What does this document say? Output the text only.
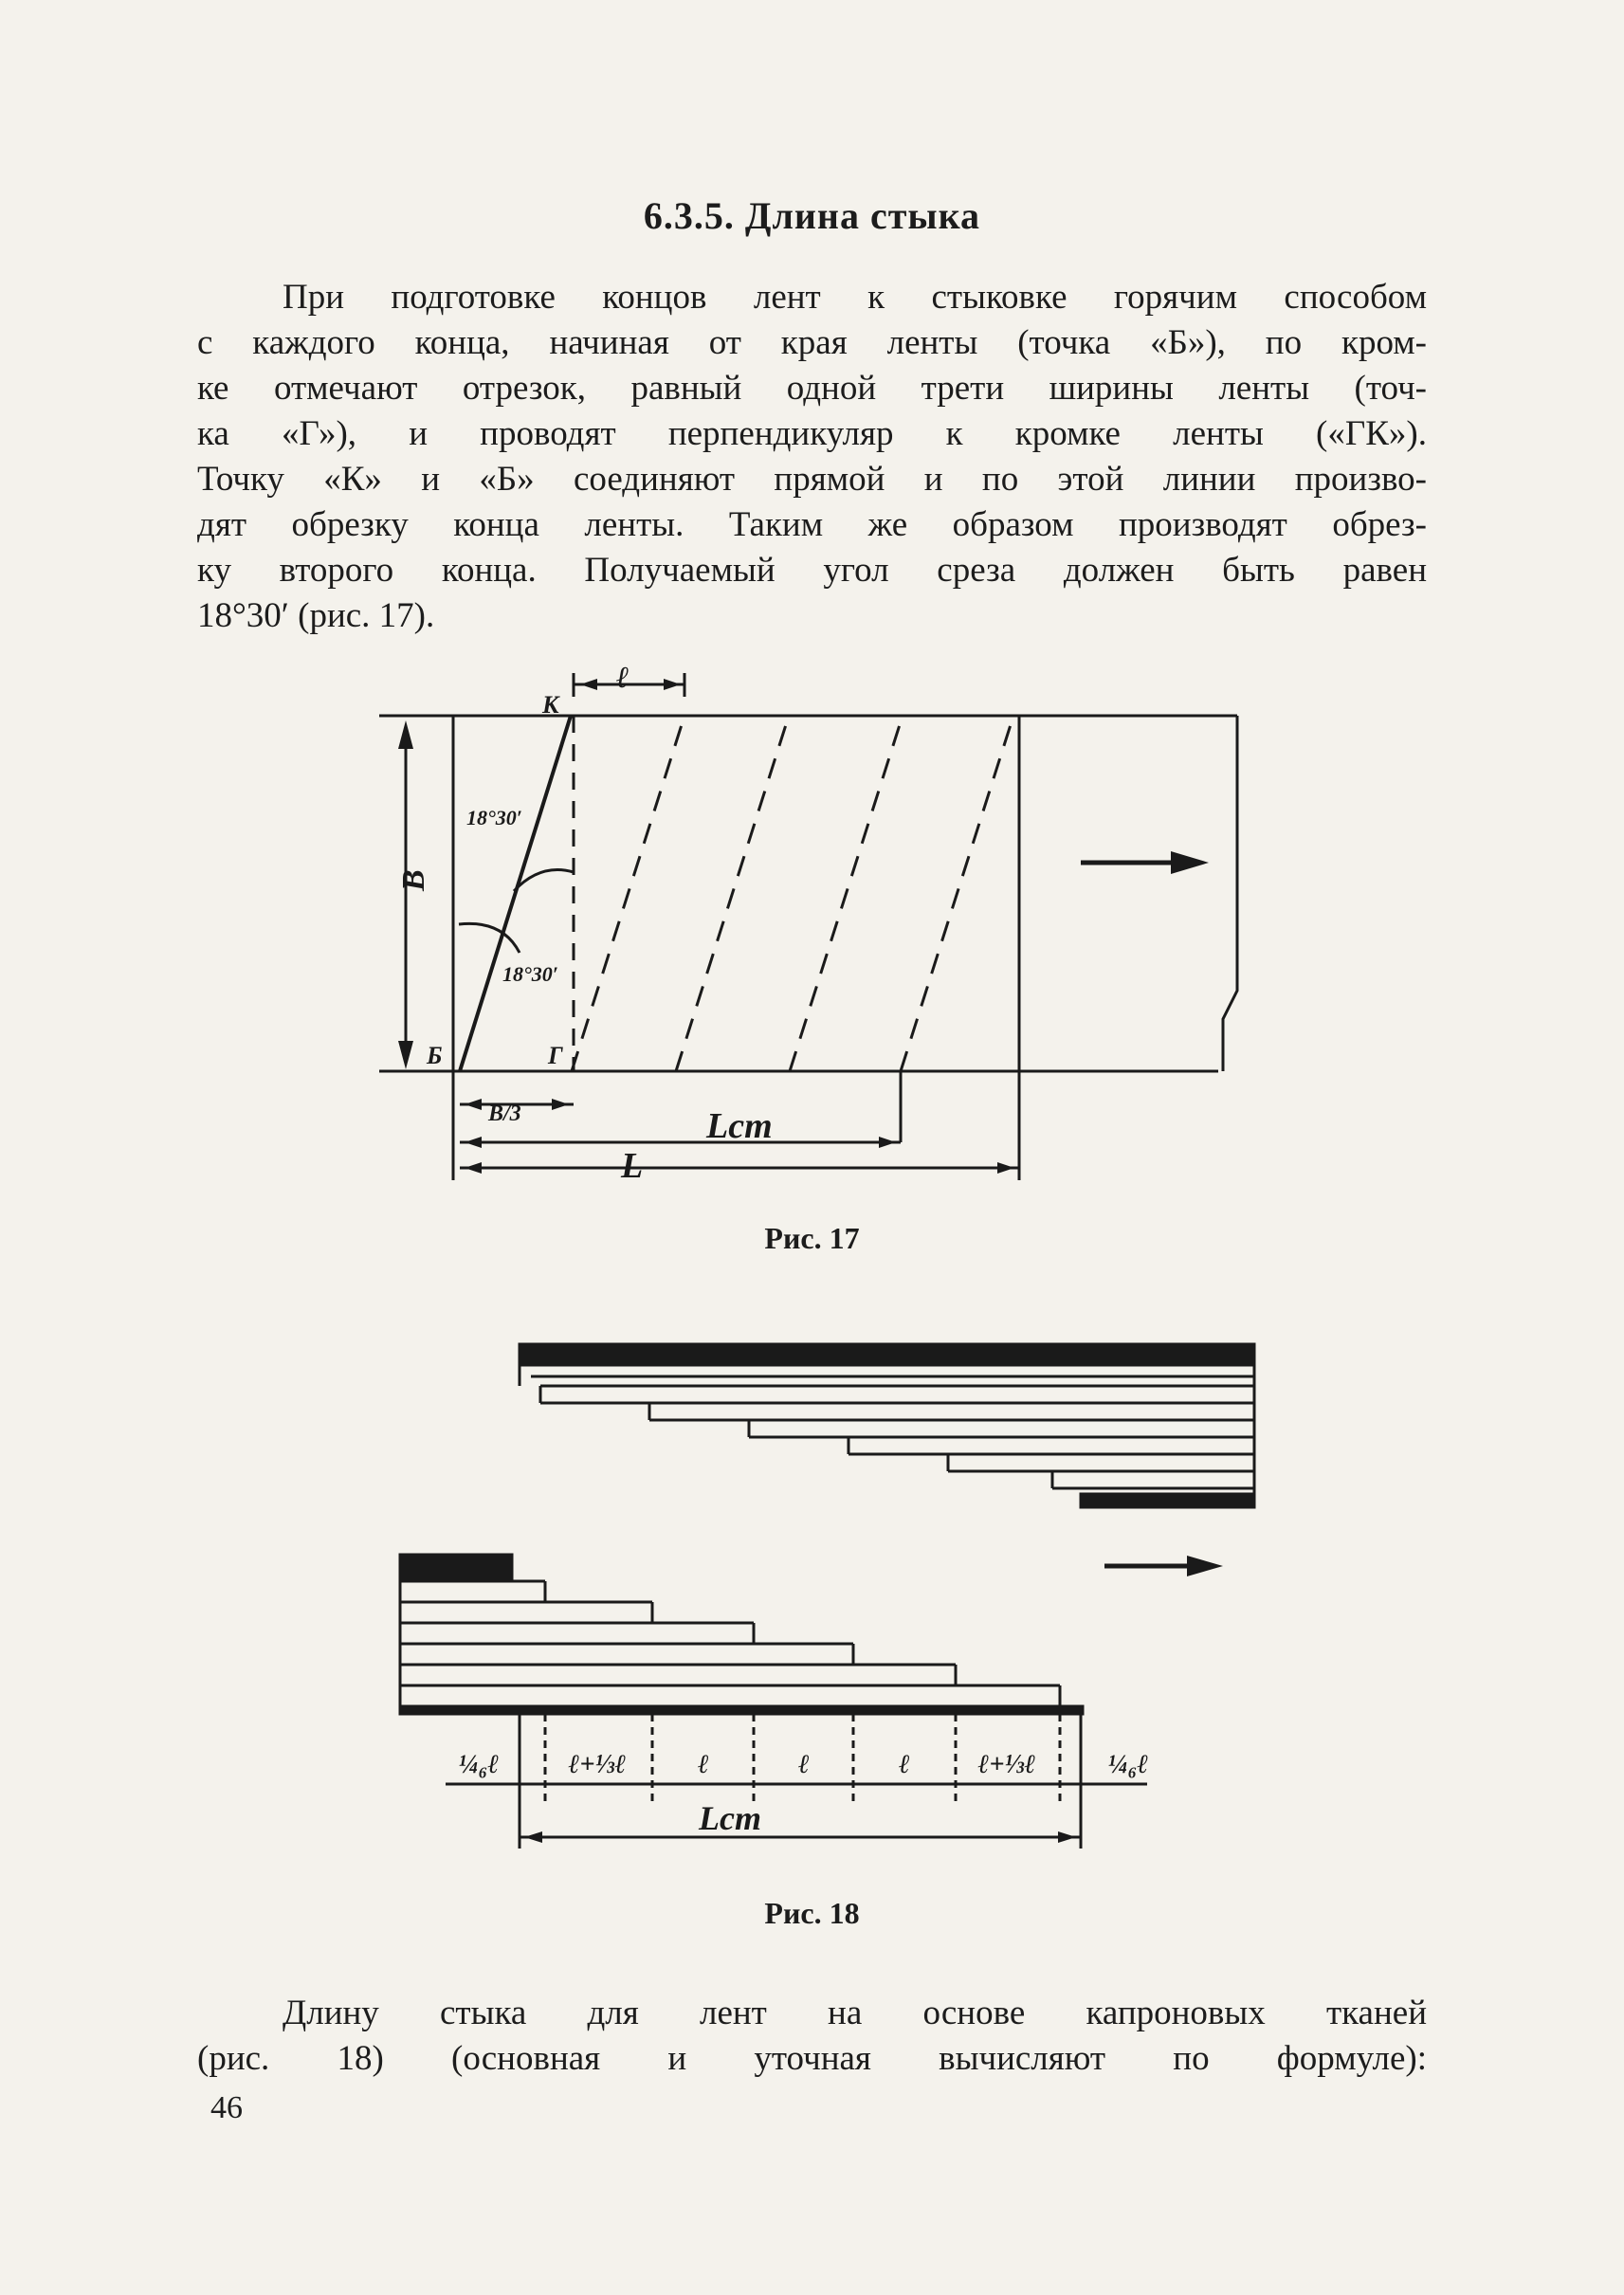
6.3.5. Длина стыка
При подготовке концов лент к стыковке горячим способом
с каждого конца, начиная от края ленты (точка «Б»), по кром-
ке отмечают отрезок, равный одной трети ширины ленты (точ-
ка «Г»), и проводят перпендикуляр к кромке ленты («ГК»).
Точку «К» и «Б» соединяют прямой и по этой линии произво-
дят обрезку конца ленты. Таким же образом производят обрез-
ку второго конца. Получаемый угол среза должен быть равен
18°30′ (рис. 17).
К
ℓ
В
Б	Г
18°30′
18°30′
В/3	Lст
L
Рис. 17
¼₆ℓ	ℓ+⅓ℓ	ℓ	ℓ	ℓ	ℓ+⅓ℓ	¼₆ℓ
Lст
Рис. 18
Длину стыка для лент на основе капроновых тканей
(рис. 18) (основная и уточная вычисляют по формуле):
46
